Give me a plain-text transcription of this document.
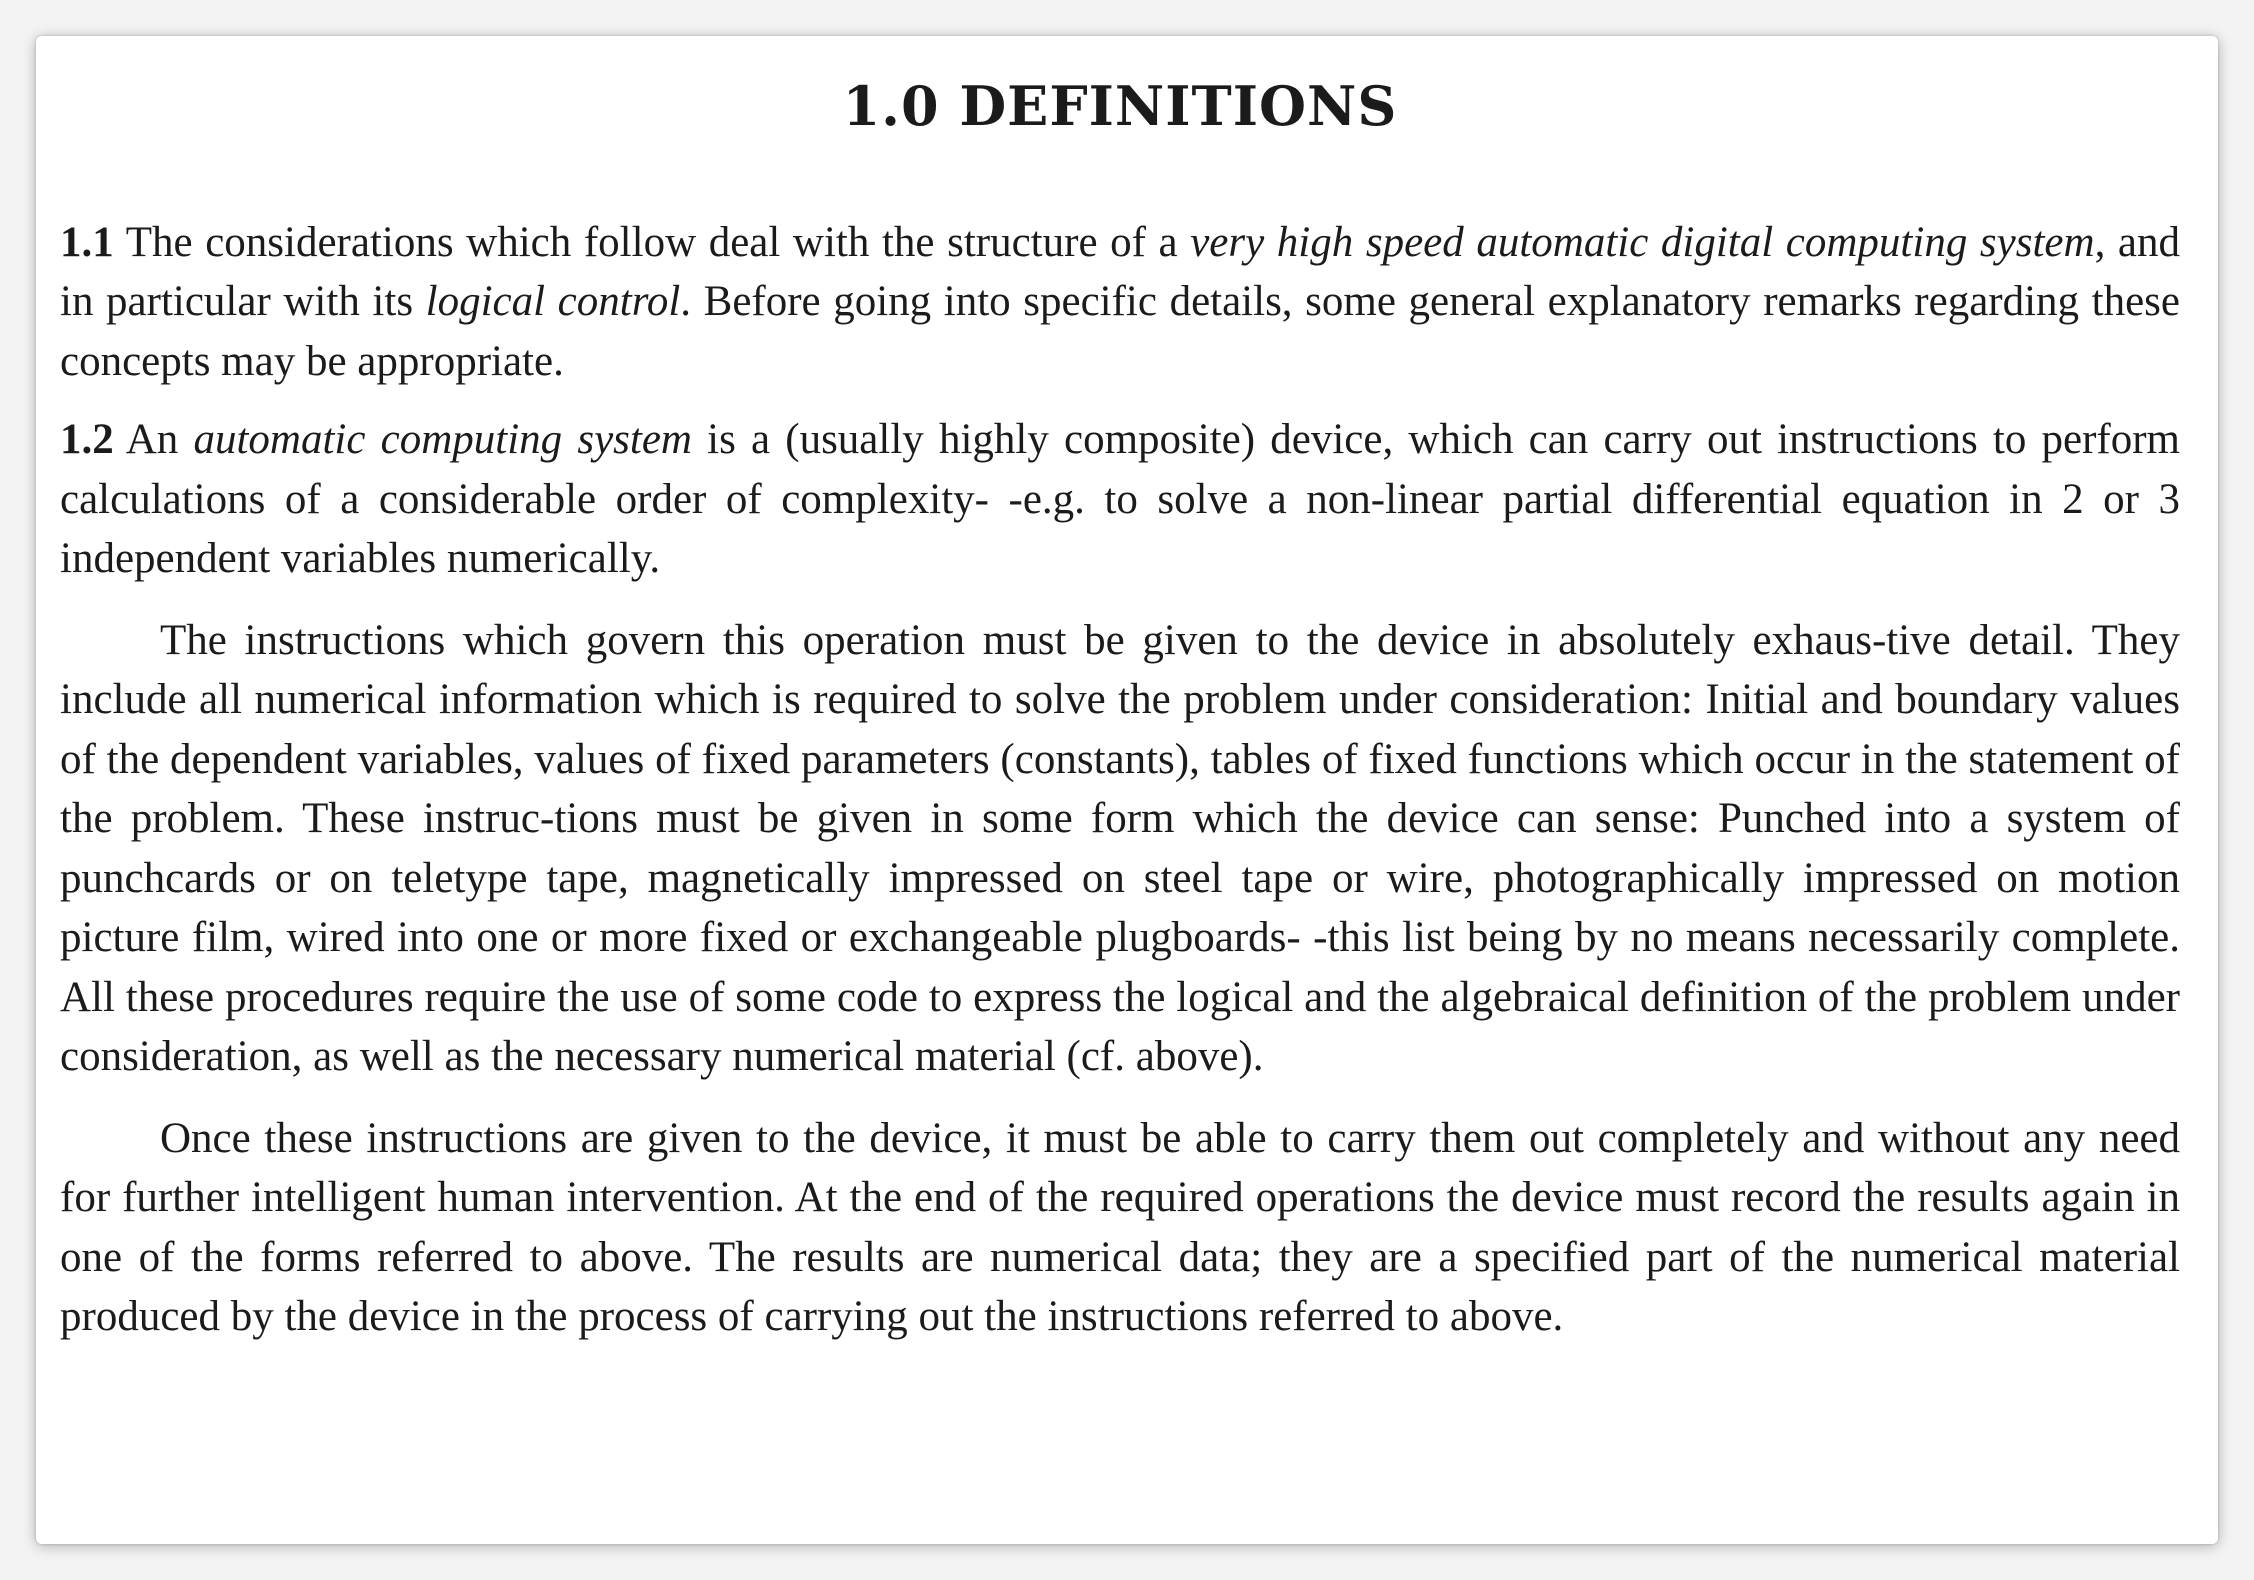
1.0 DEFINITIONS

1.1 The considerations which follow deal with the structure of a very high speed automatic digital computing system, and in particular with its logical control. Before going into specific details, some general explanatory remarks regarding these concepts may be appropriate.

1.2 An automatic computing system is a (usually highly composite) device, which can carry out instructions to perform calculations of a considerable order of complexity- -e.g. to solve a non-linear partial differential equation in 2 or 3 independent variables numerically.

The instructions which govern this operation must be given to the device in absolutely exhaus-tive detail. They include all numerical information which is required to solve the problem under consideration: Initial and boundary values of the dependent variables, values of fixed parameters (constants), tables of fixed functions which occur in the statement of the problem. These instruc-tions must be given in some form which the device can sense: Punched into a system of punchcards or on teletype tape, magnetically impressed on steel tape or wire, photographically impressed on motion picture film, wired into one or more fixed or exchangeable plugboards- -this list being by no means necessarily complete. All these procedures require the use of some code to express the logical and the algebraical definition of the problem under consideration, as well as the necessary numerical material (cf. above).

Once these instructions are given to the device, it must be able to carry them out completely and without any need for further intelligent human intervention. At the end of the required operations the device must record the results again in one of the forms referred to above. The results are numerical data; they are a specified part of the numerical material produced by the device in the process of carrying out the instructions referred to above.
